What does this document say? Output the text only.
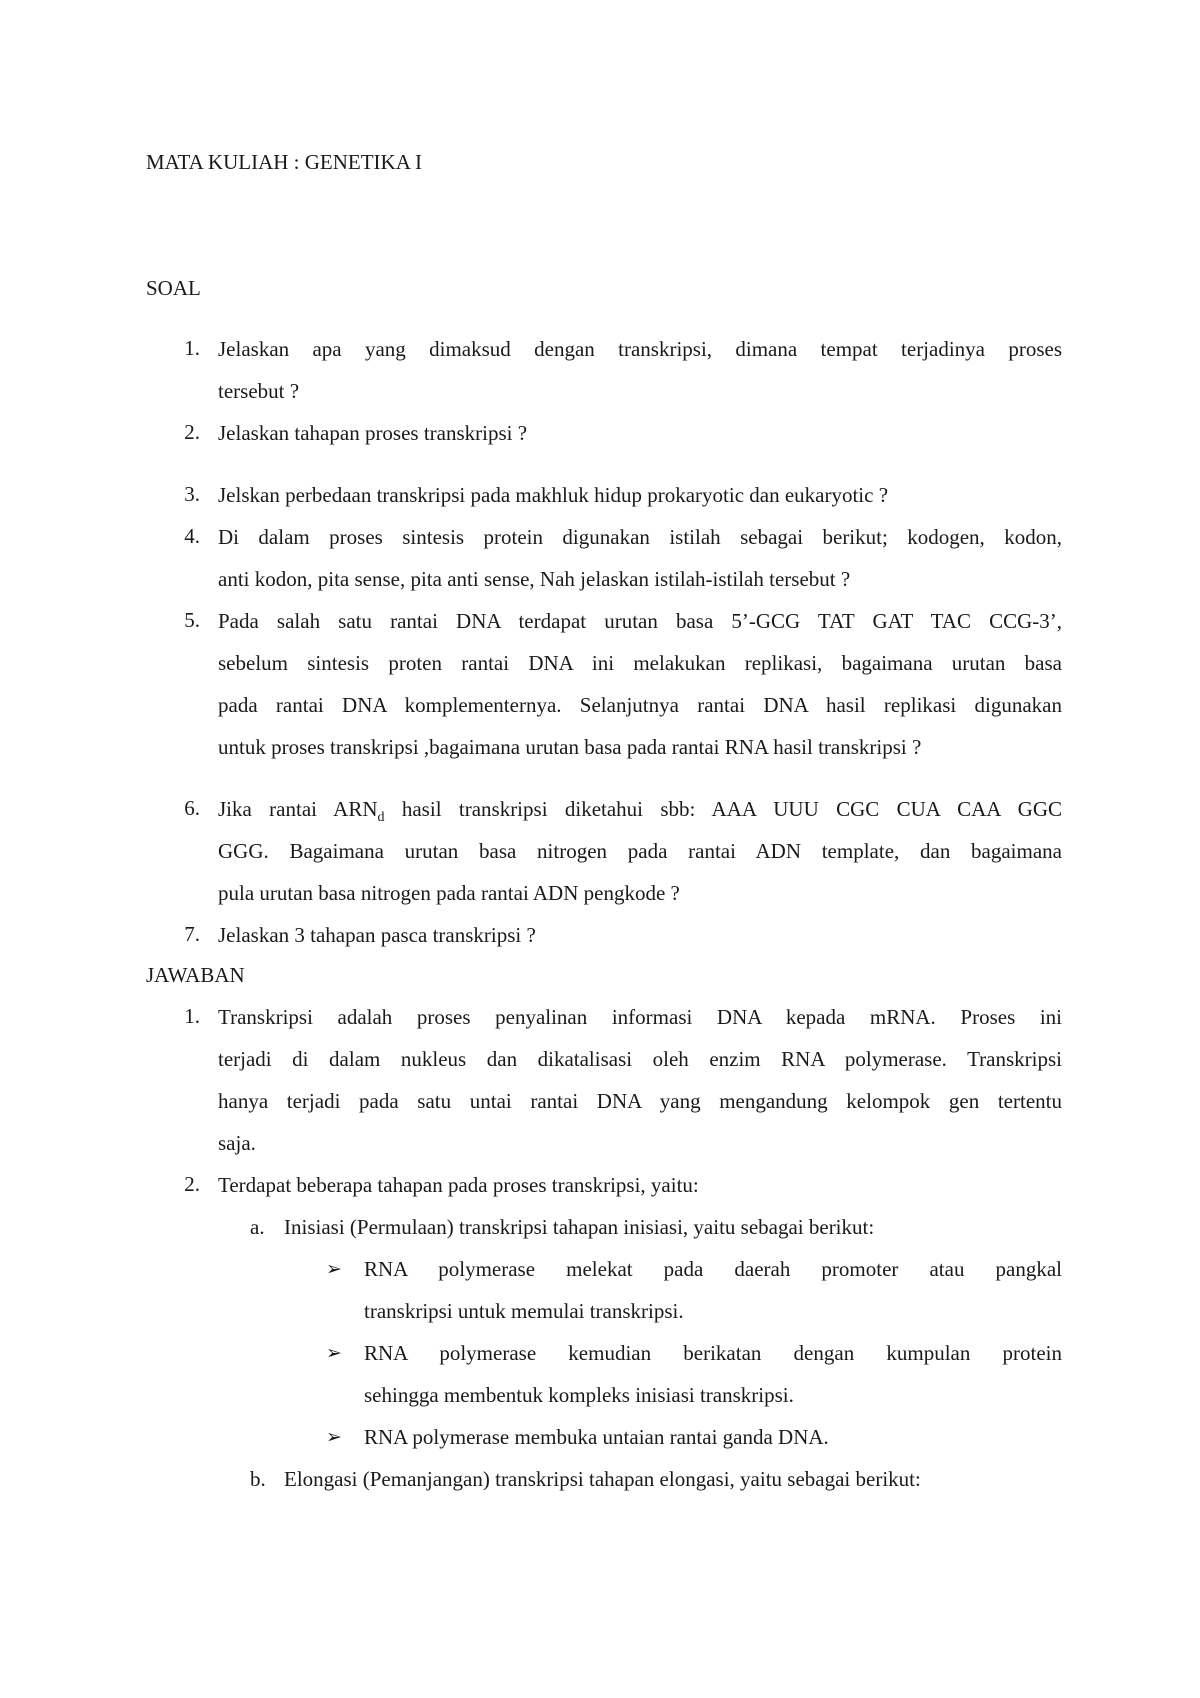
MATA KULIAH : GENETIKA I
SOAL
1. Jelaskan apa yang dimaksud dengan transkripsi, dimana tempat terjadinya proses
tersebut ?
2. Jelaskan tahapan proses transkripsi ?
3. Jelskan perbedaan transkripsi pada makhluk hidup prokaryotic dan eukaryotic ?
4. Di dalam proses sintesis protein digunakan istilah sebagai berikut; kodogen, kodon,
anti kodon, pita sense, pita anti sense, Nah jelaskan istilah-istilah tersebut ?
5. Pada salah satu rantai DNA terdapat urutan basa 5’-GCG TAT GAT TAC CCG-3’,
sebelum sintesis proten rantai DNA ini melakukan replikasi, bagaimana urutan basa
pada rantai DNA komplementernya. Selanjutnya rantai DNA hasil replikasi digunakan
untuk proses transkripsi ,bagaimana urutan basa pada rantai RNA hasil transkripsi ?
6. Jika rantai $ARN_d$ hasil transkripsi diketahui sbb: AAA UUU CGC CUA CAA GGC
GGG. Bagaimana urutan basa nitrogen pada rantai ADN template, dan bagaimana
pula urutan basa nitrogen pada rantai ADN pengkode ?
7. Jelaskan 3 tahapan pasca transkripsi ?
JAWABAN
1. Transkripsi adalah proses penyalinan informasi DNA kepada mRNA. Proses ini
terjadi di dalam nukleus dan dikatalisasi oleh enzim RNA polymerase. Transkripsi
hanya terjadi pada satu untai rantai DNA yang mengandung kelompok gen tertentu
saja.
2. Terdapat beberapa tahapan pada proses transkripsi, yaitu:
a. Inisiasi (Permulaan) transkripsi tahapan inisiasi, yaitu sebagai berikut:
➢ RNA polymerase melekat pada daerah promoter atau pangkal
transkripsi untuk memulai transkripsi.
➢ RNA polymerase kemudian berikatan dengan kumpulan protein
sehingga membentuk kompleks inisiasi transkripsi.
➢ RNA polymerase membuka untaian rantai ganda DNA.
b. Elongasi (Pemanjangan) transkripsi tahapan elongasi, yaitu sebagai berikut:
